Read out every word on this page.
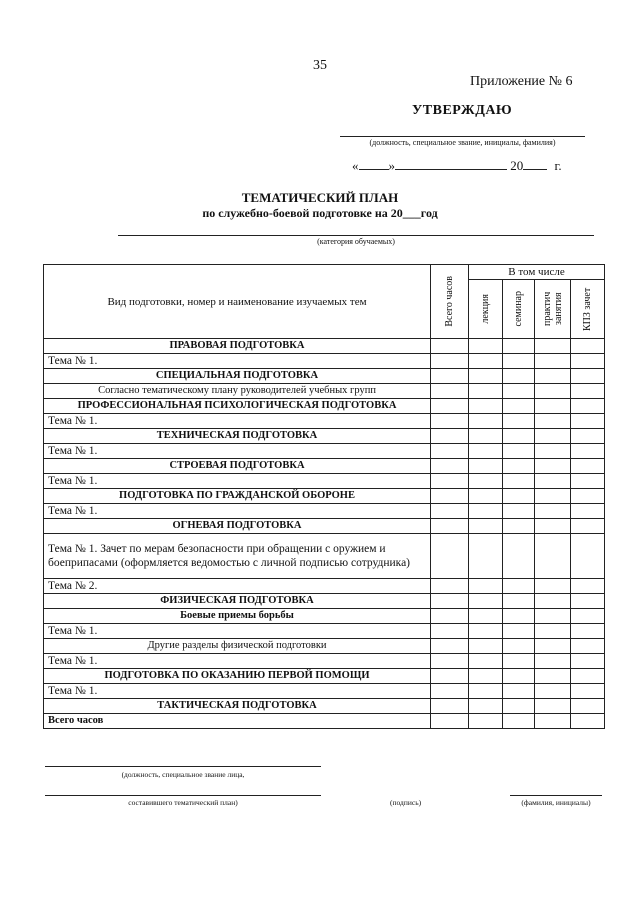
35
Приложение № 6
УТВЕРЖДАЮ
(должность, специальное звание, инициалы, фамилия)
« »	20 г.
ТЕМАТИЧЕСКИЙ ПЛАН
по служебно-боевой подготовке на 20___год
(категория обучаемых)
Вид подготовки, номер и наименование изучаемых тем	Всего часов	В том числе			

		лекция	семинар	практич занятия	КПЗ зачет

ПРАВОВАЯ ПОДГОТОВКА					
Тема № 1.					
СПЕЦИАЛЬНАЯ ПОДГОТОВКА					
Согласно тематическому плану руководителей учебных групп					
ПРОФЕССИОНАЛЬНАЯ ПСИХОЛОГИЧЕСКАЯ ПОДГОТОВКА					
Тема № 1.					
ТЕХНИЧЕСКАЯ ПОДГОТОВКА					
Тема № 1.					
СТРОЕВАЯ ПОДГОТОВКА					
Тема № 1.					
ПОДГОТОВКА ПО ГРАЖДАНСКОЙ ОБОРОНЕ					
Тема № 1.					
ОГНЕВАЯ ПОДГОТОВКА					
Тема № 1. Зачет по мерам безопасности при обращении с оружием и боеприпасами (оформляется ведомостью с личной подписью сотрудника)					
Тема № 2.					
ФИЗИЧЕСКАЯ ПОДГОТОВКА					
Боевые приемы борьбы					
Тема № 1.					
Другие разделы физической подготовки					
Тема № 1.					
ПОДГОТОВКА ПО ОКАЗАНИЮ ПЕРВОЙ ПОМОЩИ					
Тема № 1.					
ТАКТИЧЕСКАЯ ПОДГОТОВКА					
Всего часов					
(должность, специальное звание лица,
составившего тематический план)	(подпись)	(фамилия, инициалы)
